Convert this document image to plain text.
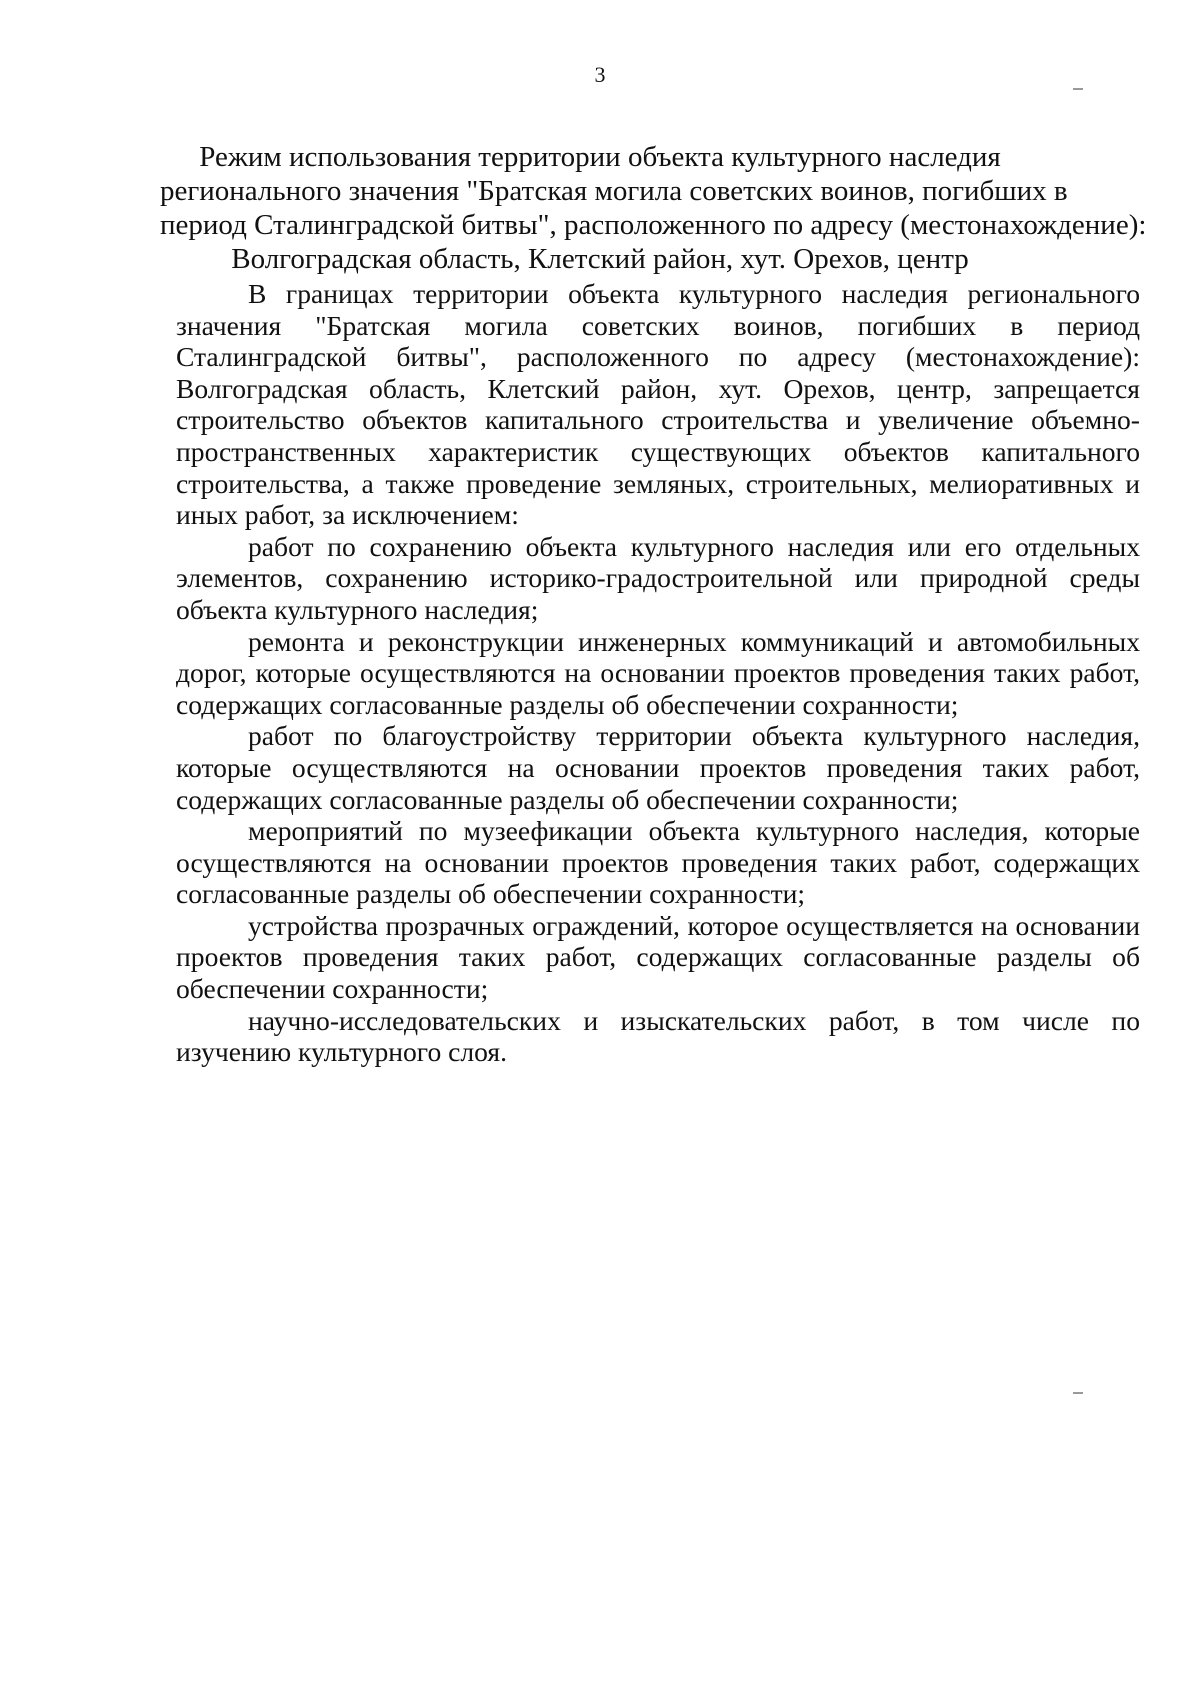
3
Режим использования территории объекта культурного наследия
регионального значения "Братская могила советских воинов, погибших в
период Сталинградской битвы", расположенного по адресу (местонахождение):
Волгоградская область, Клетский район, хут. Орехов, центр

В границах территории объекта культурного наследия регионального значения "Братская могила советских воинов, погибших в период Сталинградской битвы", расположенного по адресу (местонахождение): Волгоградская область, Клетский район, хут. Орехов, центр, запрещается строительство объектов капитального строительства и увеличение объемно-пространственных характеристик существующих объектов капитального строительства, а также проведение земляных, строительных, мелиоративных и иных работ, за исключением:

работ по сохранению объекта культурного наследия или его отдельных элементов, сохранению историко-градостроительной или природной среды объекта культурного наследия;

ремонта и реконструкции инженерных коммуникаций и автомобильных дорог, которые осуществляются на основании проектов проведения таких работ, содержащих согласованные разделы об обеспечении сохранности;

работ по благоустройству территории объекта культурного наследия, которые осуществляются на основании проектов проведения таких работ, содержащих согласованные разделы об обеспечении сохранности;

мероприятий по музеефикации объекта культурного наследия, которые осуществляются на основании проектов проведения таких работ, содержащих согласованные разделы об обеспечении сохранности;

устройства прозрачных ограждений, которое осуществляется на основании проектов проведения таких работ, содержащих согласованные разделы об обеспечении сохранности;

научно-исследовательских и изыскательских работ, в том числе по изучению культурного слоя.
